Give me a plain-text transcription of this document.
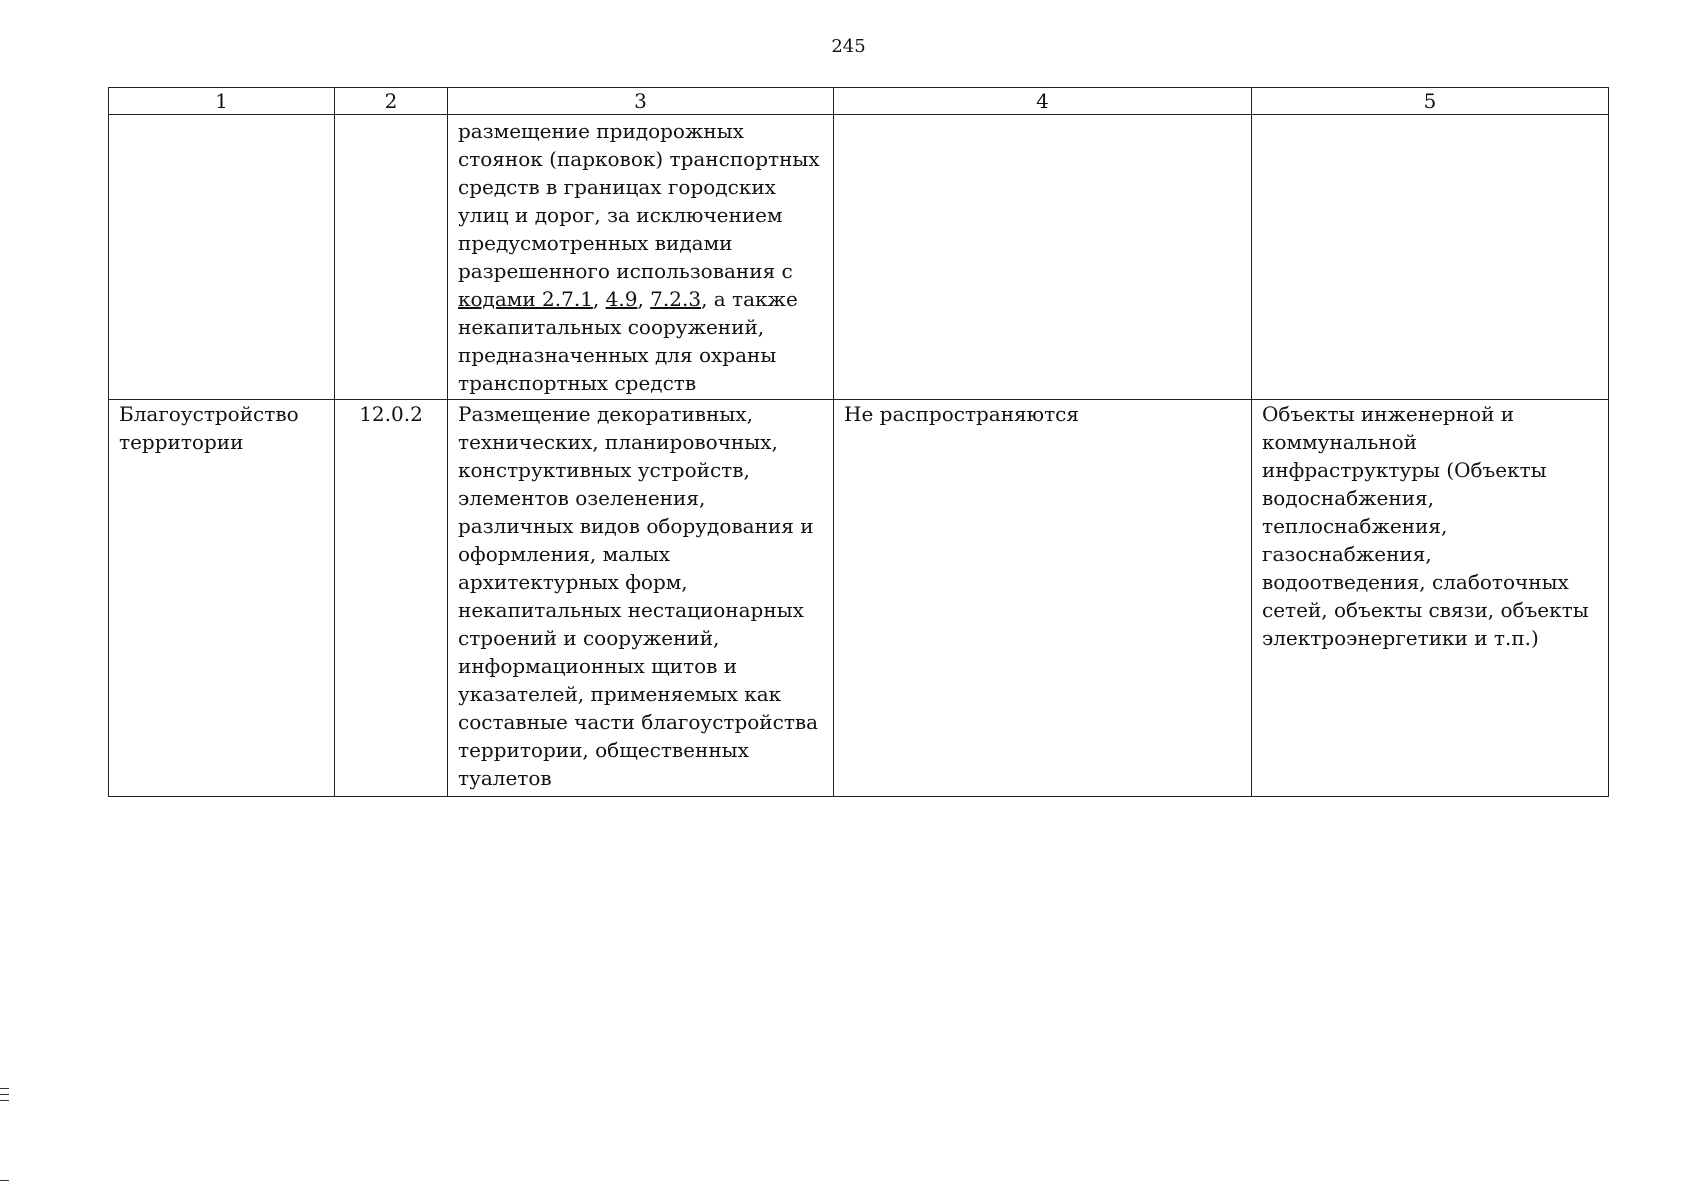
245
1	2	3	4	5
		размещение придорожных стоянок (парковок) транспортных средств в границах городских улиц и дорог, за исключением предусмотренных видами разрешенного использования с кодами 2.7.1, 4.9, 7.2.3, а также некапитальных сооружений, предназначенных для охраны транспортных средств		
Благоустройство территории	12.0.2	Размещение декоративных, технических, планировочных, конструктивных устройств, элементов озеленения, различных видов оборудования и оформления, малых архитектурных форм, некапитальных нестационарных строений и сооружений, информационных щитов и указателей, применяемых как составные части благоустройства территории, общественных туалетов	Не распространяются	Объекты инженерной и коммунальной инфраструктуры (Объекты водоснабжения, теплоснабжения, газоснабжения, водоотведения, слаботочных сетей, объекты связи, объекты электроэнергетики и т.п.)
